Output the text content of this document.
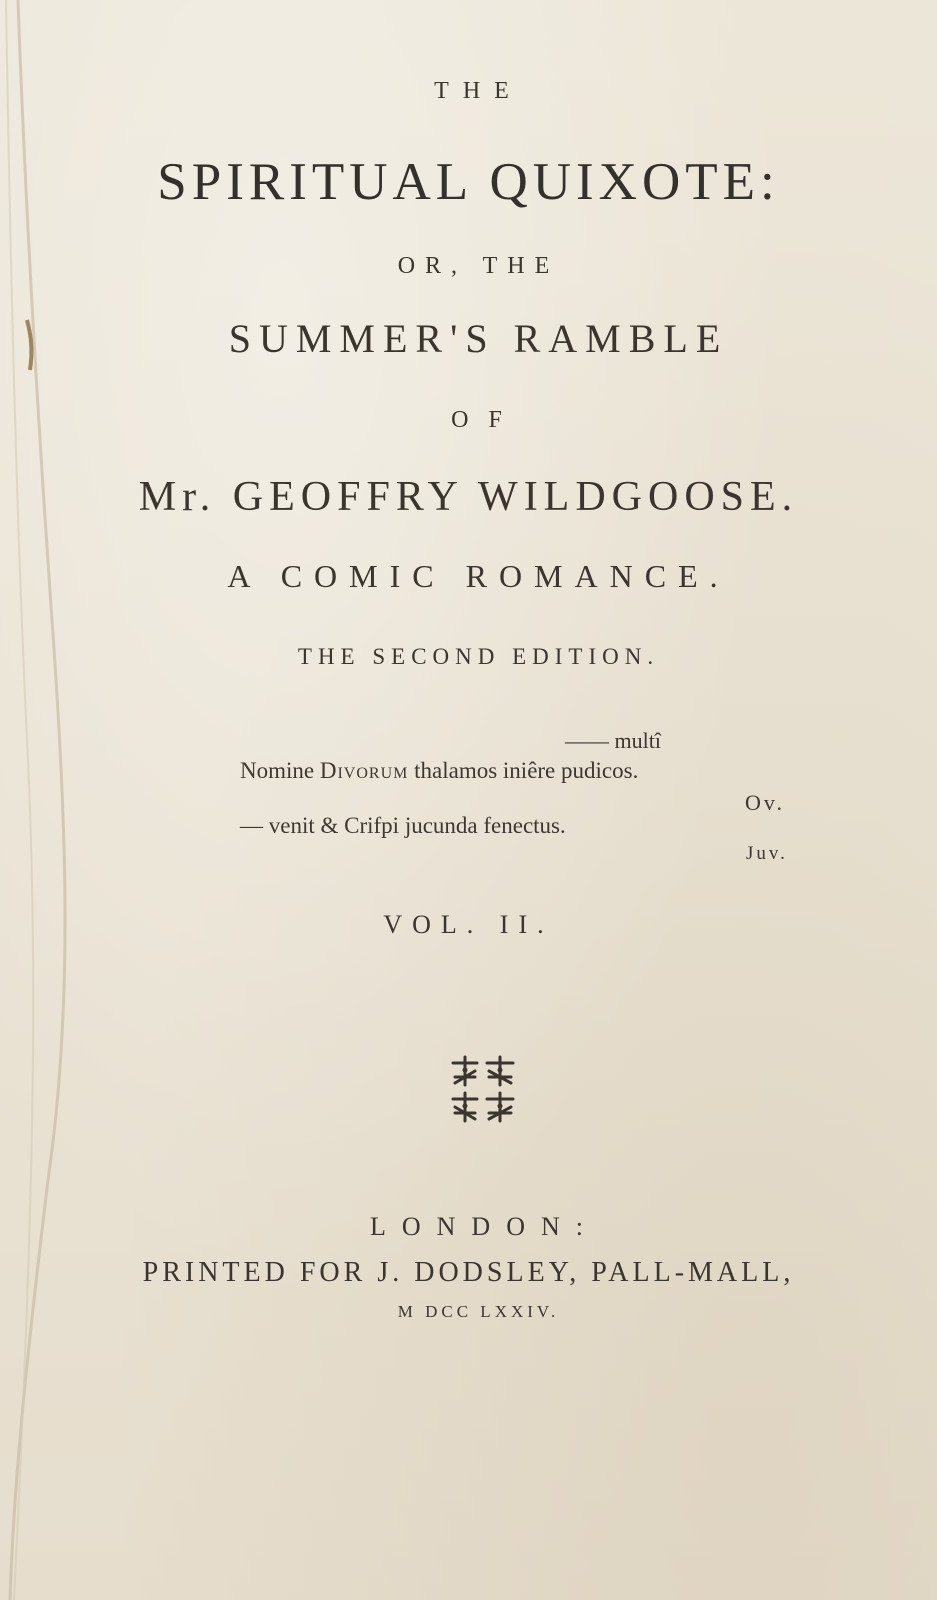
THE
SPIRITUAL QUIXOTE:
OR, THE
SUMMER'S RAMBLE
OF
Mr. GEOFFRY WILDGOOSE.
A COMIC ROMANCE.
THE SECOND EDITION.
—— multî
Nomine Divorum thalamos iniêre pudicos.
Ov.
— venit & Crifpi jucunda fenectus.
Juv.
VOL. II.
LONDON:
PRINTED FOR J. DODSLEY, PALL-MALL,
M DCC LXXIV.
